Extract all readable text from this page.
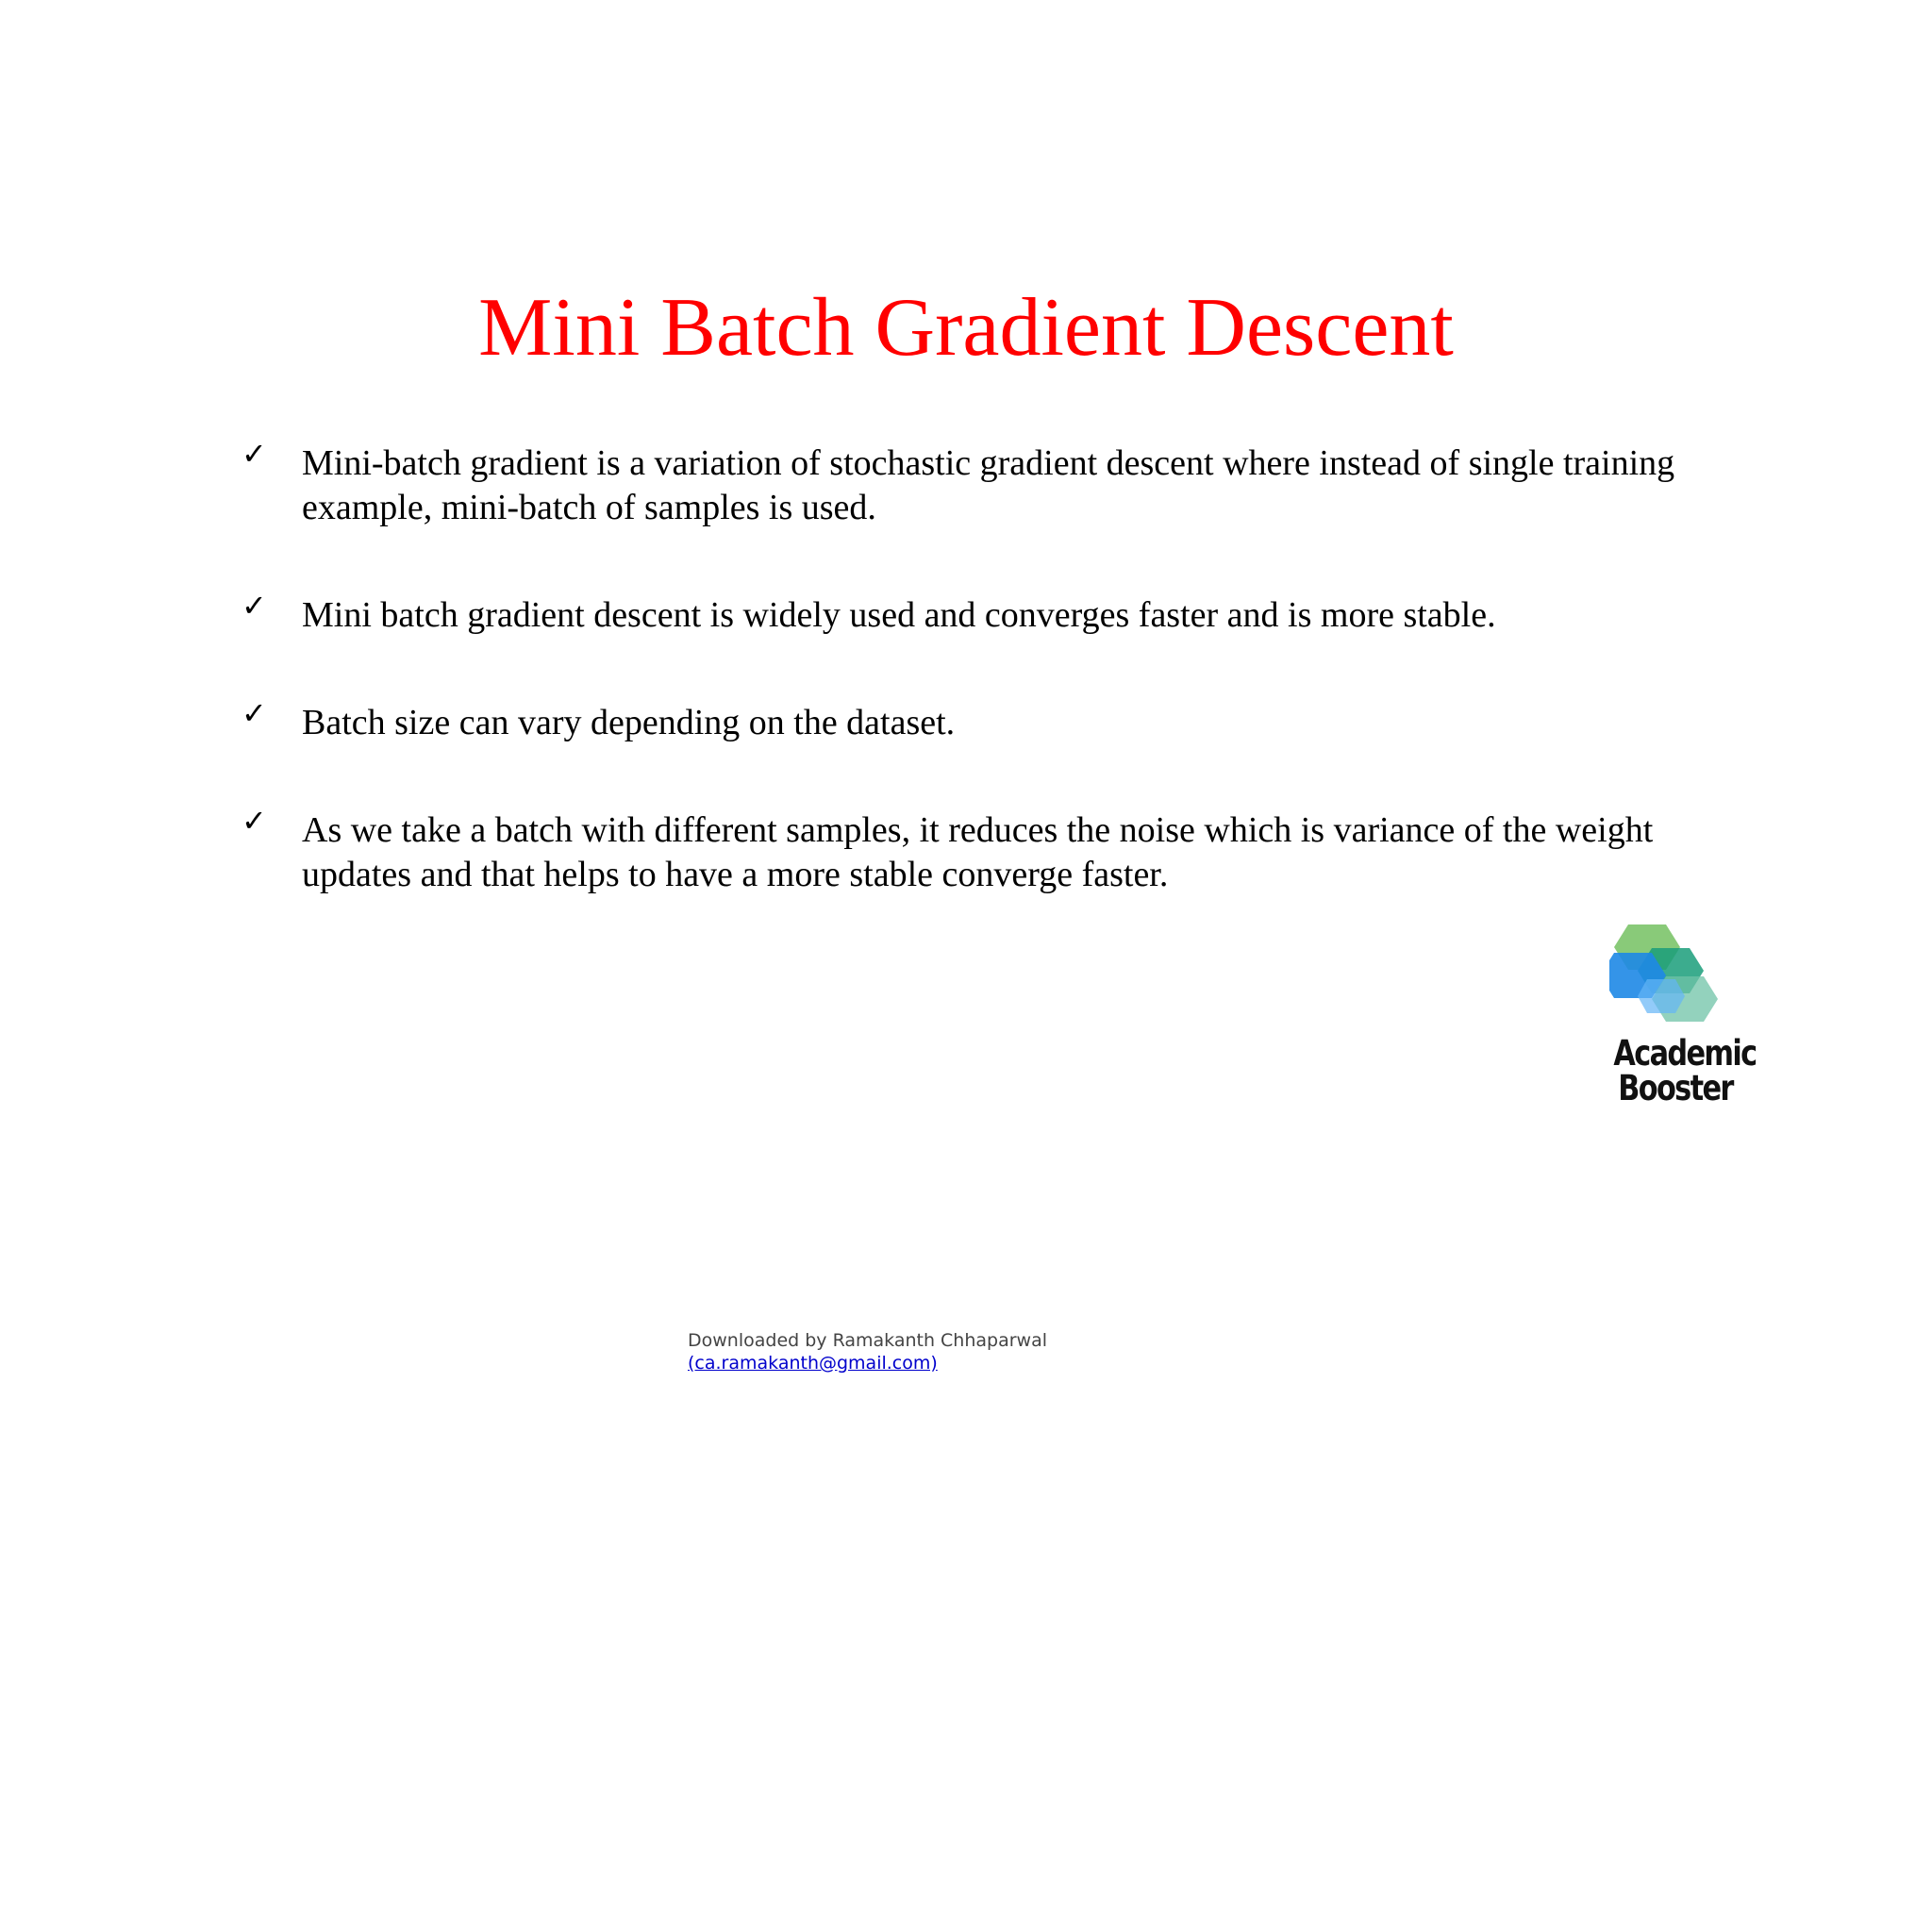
Mini Batch Gradient Descent
✓ Mini-batch gradient is a variation of stochastic gradient descent where instead of single training example, mini-batch of samples is used.
✓ Mini batch gradient descent is widely used and converges faster and is more stable.
✓ Batch size can vary depending on the dataset.
✓ As we take a batch with different samples, it reduces the noise which is variance of the weight updates and that helps to have a more stable converge faster.
Academic
Booster
Downloaded by Ramakanth Chhaparwal
(ca.ramakanth@gmail.com)
